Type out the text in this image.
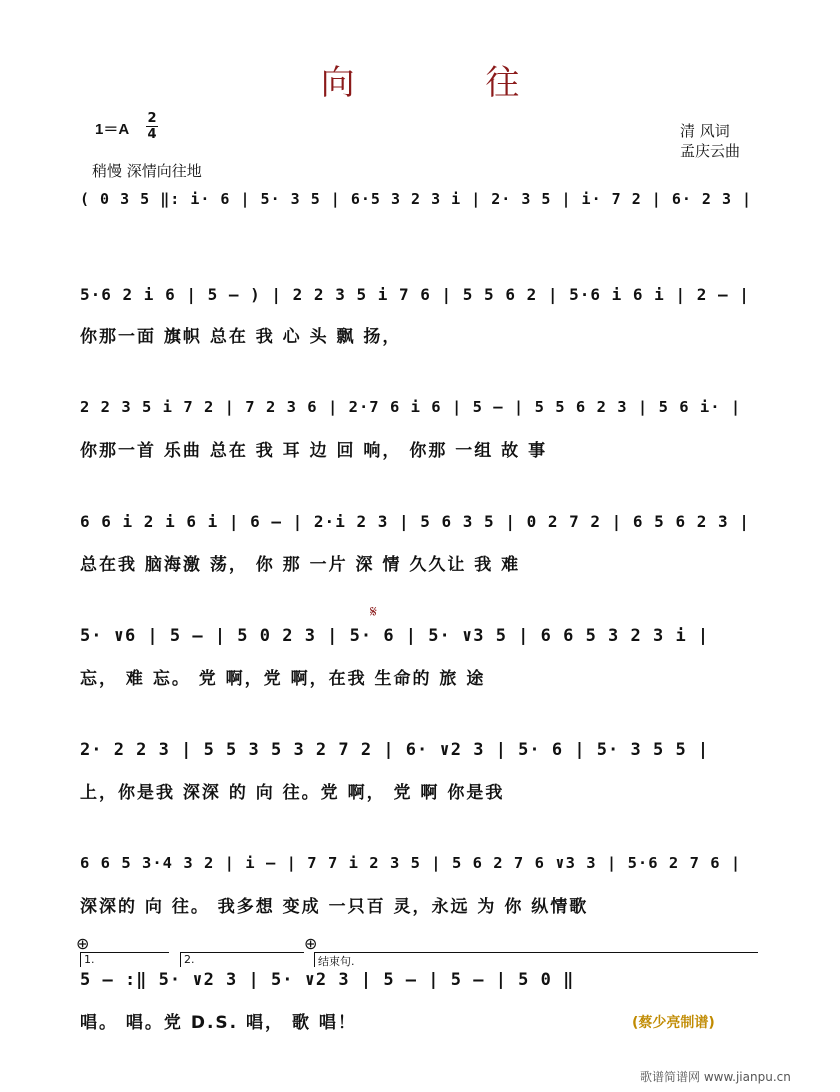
向 往
1＝A
2
4	清 风词
孟庆云曲
稍慢 深情向往地
( 0 3 5 ‖: i· 6 | 5· 3 5 | 6·5 3 2 3 i | 2· 3 5 | i· 7 2 | 6· 2 3 |
5·6 2 i 6 | 5 — ) | 2 2 3 5 i 7 6 | 5 5 6 2 | 5·6 i 6 i | 2 — |
你那一面 旗帜 总在 我 心 头 飘 扬，
2 2 3 5 i 7 2 | 7 2 3 6 | 2·7 6 i 6 | 5 — | 5 5 6 2 3 | 5 6 i· |
你那一首 乐曲 总在 我 耳 边 回 响， 你那 一组 故 事
6 6 i 2 i 6 i | 6 — | 2·i 2 3 | 5 6 3 5 | 0 2 7 2 | 6 5 6 2 3 |
总在我 脑海激 荡， 你 那 一片 深 情 久久让 我 难
𝄋
5· ∨6 | 5 — | 5 0 2 3 | 5· 6 | 5· ∨3 5 | 6 6 5 3 2 3 i |
忘， 难 忘。 党 啊，党 啊，在我 生命的 旅 途
2· 2 2 3 | 5 5 3 5 3 2 7 2 | 6· ∨2 3 | 5· 6 | 5· 3 5 5 |
上，你是我 深深 的 向 往。党 啊， 党 啊 你是我
6 6 5 3·4 3 2 | i — | 7 7 i 2 3 5 | 5 6 2 7 6 ∨3 3 | 5·6 2 7 6 |
深深的 向 往。 我多想 变成 一只百 灵，永远 为 你 纵情歌
⊕	⊕
1.	2.	结束句.
5 — :‖ 5· ∨2 3 | 5· ∨2 3 | 5 — | 5 — | 5 0 ‖
唱。 唱。党 D.S. 唱， 歌 唱！	(蔡少亮制谱)
歌谱简谱网 www.jianpu.cn
